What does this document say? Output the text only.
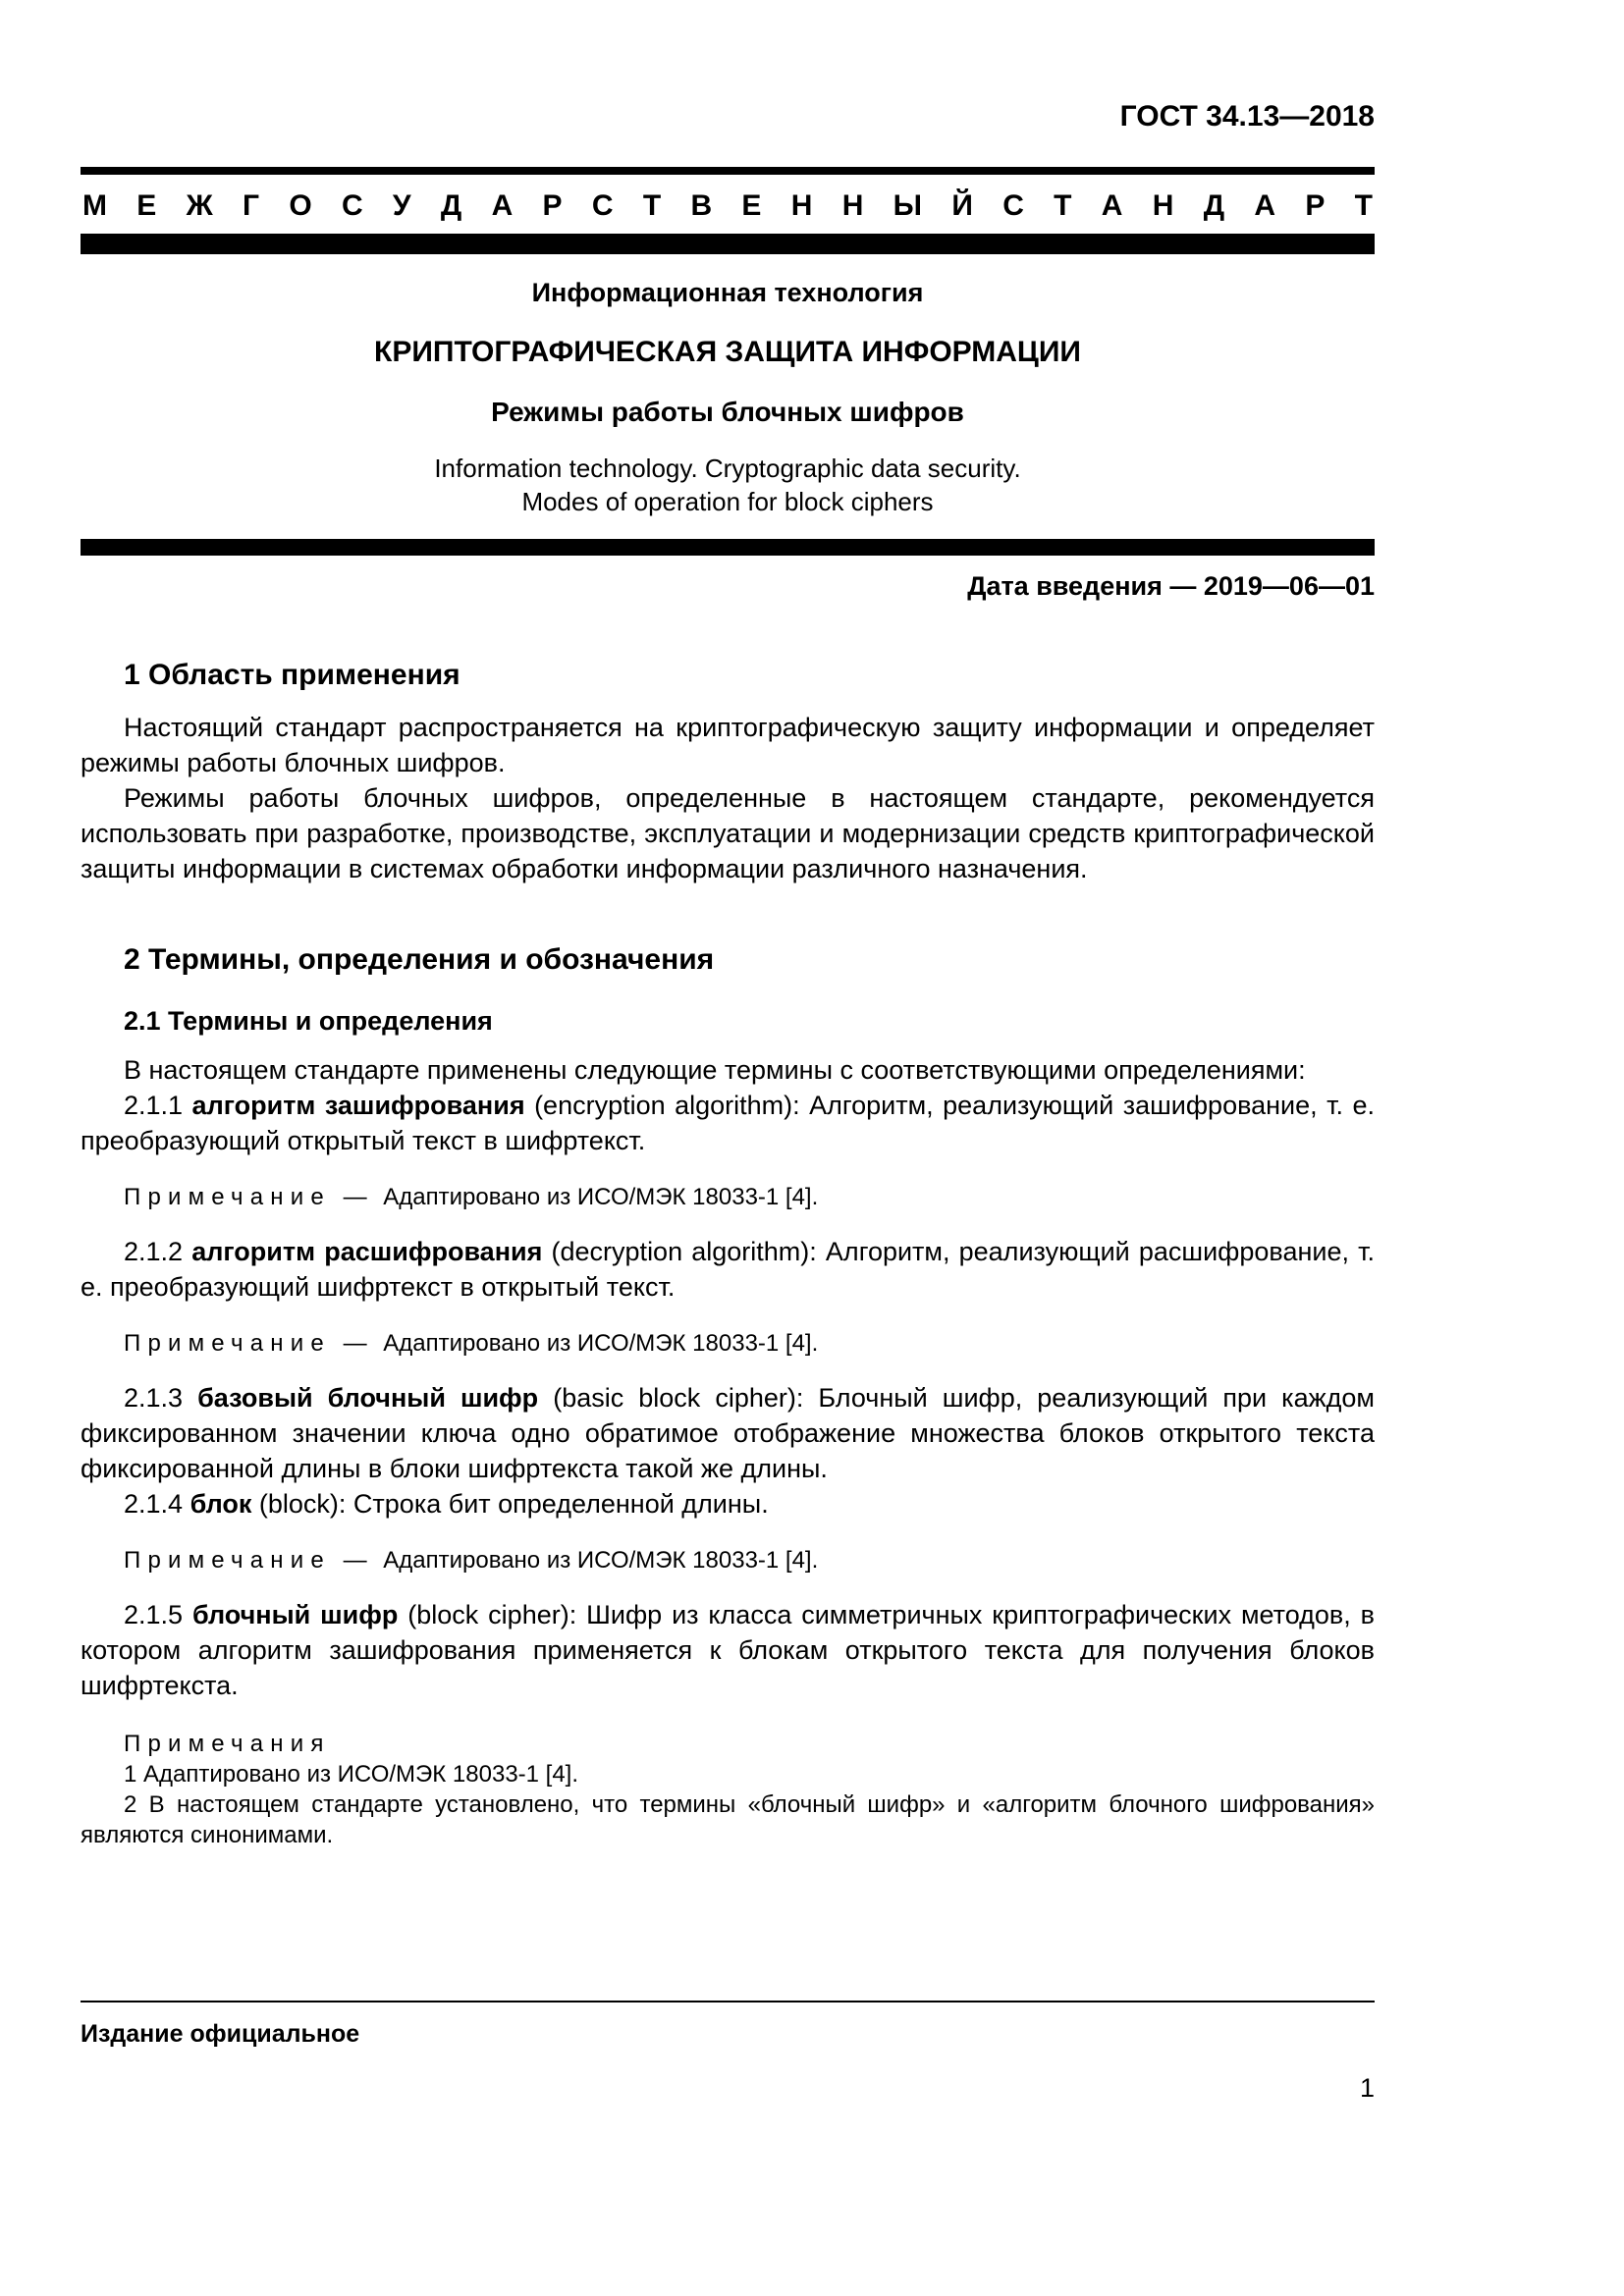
ГОСТ 34.13—2018
М Е Ж Г О С У Д А Р С Т В Е Н Н Ы Й С Т А Н Д А Р Т
Информационная технология
КРИПТОГРАФИЧЕСКАЯ ЗАЩИТА ИНФОРМАЦИИ
Режимы работы блочных шифров
Information technology. Cryptographic data security.
Modes of operation for block ciphers
Дата введения — 2019—06—01
1 Область применения

Настоящий стандарт распространяется на криптографическую защиту информации и определяет режимы работы блочных шифров.

Режимы работы блочных шифров, определенные в настоящем стандарте, рекомендуется использовать при разработке, производстве, эксплуатации и модернизации средств криптографической защиты информации в системах обработки информации различного назначения.

2 Термины, определения и обозначения
2.1 Термины и определения

В настоящем стандарте применены следующие термины с соответствующими определениями:

2.1.1 алгоритм зашифрования (encryption algorithm): Алгоритм, реализующий зашифрование, т. е. преобразующий открытый текст в шифртекст.

Примечание — Адаптировано из ИСО/МЭК 18033-1 [4].

2.1.2 алгоритм расшифрования (decryption algorithm): Алгоритм, реализующий расшифрование, т. е. преобразующий шифртекст в открытый текст.

Примечание — Адаптировано из ИСО/МЭК 18033-1 [4].

2.1.3 базовый блочный шифр (basic block cipher): Блочный шифр, реализующий при каждом фиксированном значении ключа одно обратимое отображение множества блоков открытого текста фиксированной длины в блоки шифртекста такой же длины.

2.1.4 блок (block): Строка бит определенной длины.

Примечание — Адаптировано из ИСО/МЭК 18033-1 [4].

2.1.5 блочный шифр (block cipher): Шифр из класса симметричных криптографических методов, в котором алгоритм зашифрования применяется к блокам открытого текста для получения блоков шифртекста.

Примечания
1 Адаптировано из ИСО/МЭК 18033-1 [4].
2 В настоящем стандарте установлено, что термины «блочный шифр» и «алгоритм блочного шифрования» являются синонимами.
Издание официальное
1
